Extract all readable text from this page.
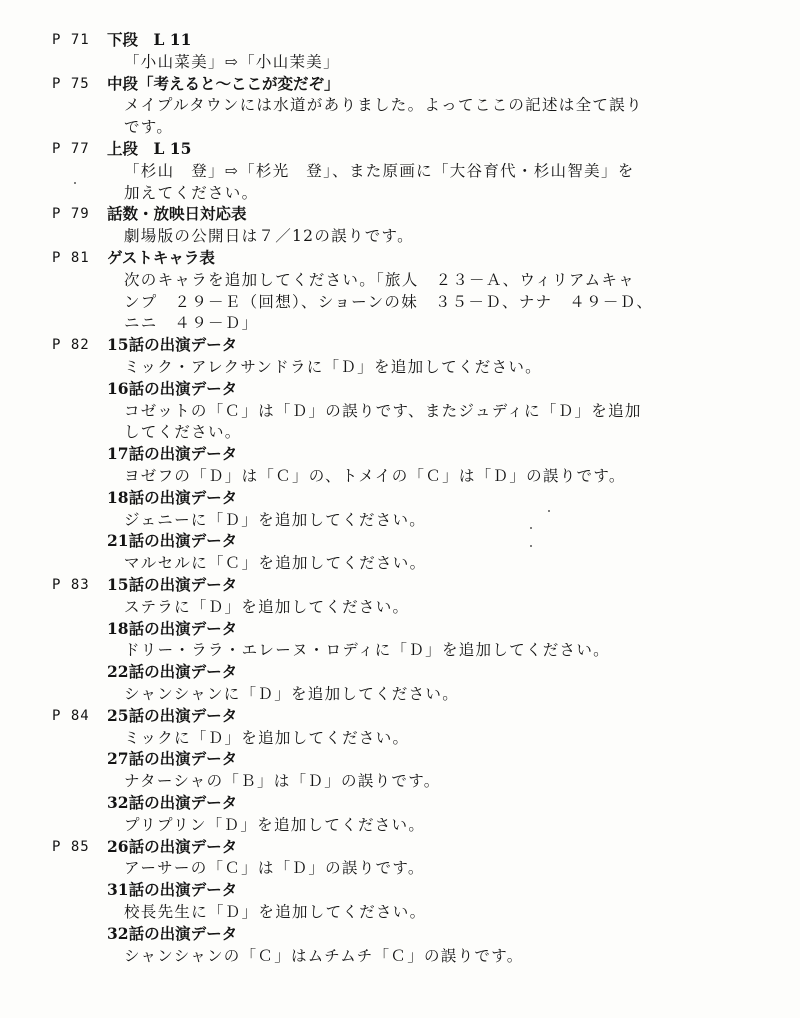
P 71 下段　L 11
「小山菜美」⇨「小山茉美」
P 75 中段「考えると～ここが変だぞ」
メイプルタウンには水道がありました。よってここの記述は全て誤り
です。
P 77 上段　L 15
「杉山　登」⇨「杉光　登」、また原画に「大谷育代・杉山智美」を
加えてください。
P 79 話数・放映日対応表
劇場版の公開日は７／12の誤りです。
P 81 ゲストキャラ表
次のキャラを追加してください。「旅人　２３－Ａ、ウィリアムキャ
ンプ　２９－Ｅ（回想）、ショーンの妹　３５－Ｄ、ナナ　４９－Ｄ、
ニニ　４９－Ｄ」
P 82 15話の出演データ
ミック・アレクサンドラに「Ｄ」を追加してください。
16話の出演データ
コゼットの「Ｃ」は「Ｄ」の誤りです、またジュディに「Ｄ」を追加
してください。
17話の出演データ
ヨゼフの「Ｄ」は「Ｃ」の、トメイの「Ｃ」は「Ｄ」の誤りです。
18話の出演データ
ジェニーに「Ｄ」を追加してください。
21話の出演データ
マルセルに「Ｃ」を追加してください。
P 83 15話の出演データ
ステラに「Ｄ」を追加してください。
18話の出演データ
ドリー・ララ・エレーヌ・ロディに「Ｄ」を追加してください。
22話の出演データ
シャンシャンに「Ｄ」を追加してください。
P 84 25話の出演データ
ミックに「Ｄ」を追加してください。
27話の出演データ
ナターシャの「Ｂ」は「Ｄ」の誤りです。
32話の出演データ
プリプリン「Ｄ」を追加してください。
P 85 26話の出演データ
アーサーの「Ｃ」は「Ｄ」の誤りです。
31話の出演データ
校長先生に「Ｄ」を追加してください。
32話の出演データ
シャンシャンの「Ｃ」はムチムチ「Ｃ」の誤りです。
